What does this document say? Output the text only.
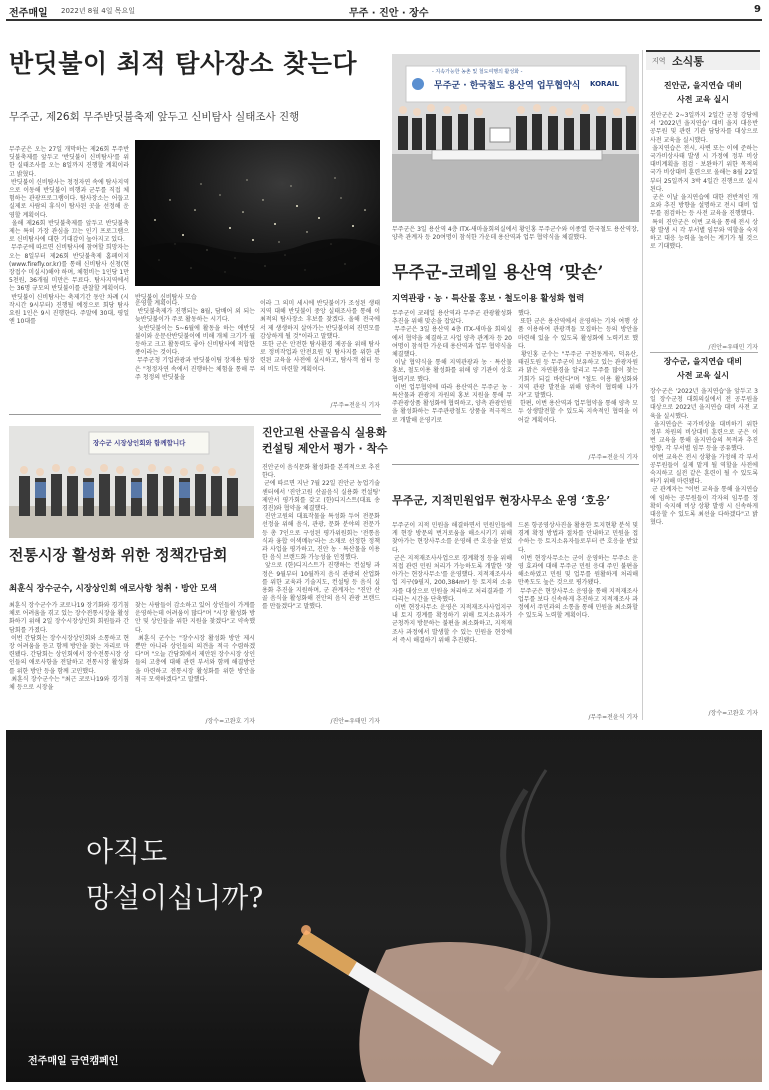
전주매일 2022년 8월 4일 목요일	무주 · 진안 · 장수	9
반딧불이 최적 탐사장소 찾는다
무주군, 제26회 무주반딧불축제 앞두고 신비탐사 실태조사 진행
무주군은 오는 27일 개막하는 제26회 무주반딧불축제를 앞두고 '반딧불이 신비탐사'를 위한 실태조사를 오는 8일까지 진행할 계획이라고 밝혔다.
반딧불이 신비탐사는 청정자연 속에 탐사지역으로 이동해 반딧불이 비행과 군무를 직접 체험하는 관광프로그램이다. 탐사장소는 어둡고 실제로 사람의 휴식이 탐사된 곳을 선정해 운영할 계획이다.
올해 제26회 반딧불축제를 앞두고 반딧불축제는 특히 가장 관심을 끄는 인기 프로그램으로 신비탐사에 대한 기대감이 높아지고 있다.
무주군에 따르면 신비탐사에 참여할 희망자는 오는 8일부터 제26회 반딧불축제 홈페이지(www.firefly.or.kr)를 통해 신비탐사 신청(현장접수 미실시)해야 하며, 체험비는 1인당 1만5천원, 36개월 미만은 무료다. 탐사지역에서는 36명 규모의 반딧불이를 관찰할 계획이다.
반딧불이 신비탐사는 축제기간 동안 차례 (시작시간 9시부터) 진행될 예정으로 회당 탐사요원 1인은 9시 진행한다. 주말에 30대, 평일엔 10대를
반딧불이 신비탐사 모습
운영할 계획이다.
반딧불축제가 진행되는 8월, 담배어 외 되는 늦반딧불이가 주로 활동하는 시기다.
늦반딧불이는 5~6월에 활동을 하는 애반딧불이와 운문산반딧불이에 비해 개체 크기가 월등하고 크고 활동력도 좋아 신비탐사에 적합한 종이라는 것이다.
무주군청 기업관광과 반딧불이팀 장재용 팀장은 "청정자연 속에서 진행하는 체험을 통해 무주 청정의 반딧불을
이라 그 의미 세시에 반딧불이가 조성된 생태지역 대해 반딧불이 중앙 실태조사를 통해 이 최적의 탐사장소 후보를 찾겠다. 올해 전국에서 제 생생하지 살아가는 반딧불이의 진면모를 감상하게 될 것"이라고 말했다.
또한 군은 안전한 탐사환경 제공을 위해 탐사로 정비작업과 안전요원 및 탐사지를 위한 관련된 교육을 사전에 실시하고, 탐사객 쉼터 등의 비도 마련할 계획이다.
/무주=전윤식 기자
- 지속가능한 농촌 및 철도여행의 활성화 -
무주군 · 한국철도 용산역 업무협약식 KORAIL
무주군은 3일 용산역 4층 ITX-새마을회의실에서 황인홍 무주군수와 이종열 한국철도 용산역장, 양측 관계자 등 20여명이 참석한 가운데 용산역과 업무 협약식을 체결했다.
무주군-코레일 용산역 ‘맞손’
지역관광 · 농 · 특산물 홍보 · 철도이용 활성화 협력
무주군이 코레일 용산역과 무주군 관광활성화 추진을 위해 맞손을 잡았다.
무주군은 3일 용산역 4층 ITX-새마을 회의실에서 협약을 체결하고 사업 양측 관계자 등 20여명이 참석한 가운데 용산역과 업무 협약식을 체결했다.
이날 협약식을 통해 지역관광과 농 · 특산물 홍보, 철도이용 활성화를 위해 양 기관이 상호 협력키로 했다.
이번 업무협약에 따라 용산역은 무주군 농 · 특산물과 관광지 자원의 홍보 지원을 통해 무주관광상품 활성화에 협력하고, 양측 관광인원을 활성화하는 무주관광철도 상품을 적극적으로 개발해 운영키로
했다.
또한 군은 용산역에서 운영하는 기차 여행 상품 이용하여 관광객들 모집하는 등의 방안을 마련해 있을 수 있도록 활성화에 노력키로 했다.
황인홍 군수는 "무주군 구천동계곡, 덕유산, 태권도원 등 무주군이 보유하고 있는 관광자원과 맑은 자연환경을 알리고 무주를 많이 찾는 기회가 되길 바란다"며 "철도 이용 활성화와 지역 관광 발전을 위해 양측이 협력해 나가자"고 말했다.
한편, 이번 용산역과 업무협약을 통해 양측 모두 상생발전할 수 있도록 지속적인 협력을 이어갈 계획이다.
/무주=전윤식 기자
장수군 시장상인회와 함께합니다
전통시장 활성화 위한 정책간담회
최훈식 장수군수, 시장상인회 애로사항 청취 · 방안 모색
최훈식 장수군수가 코로나19 장기화와 경기침체로 어려움을 겪고 있는 장수전통시장을 활성화하기 위해 2일 장수시장상인회 회원들과 간담회를 가졌다.
이번 간담회는 장수시장상인회와 소통하고 현장 어려움을 듣고 함께 방안을 찾는 자리로 마련됐다. 간담회는 상인회에서 장수전통시장 상인들의 애로사항을 전달하고 전통시장 활성화를 위한 방안 등을 함께 고민했다.
최훈식 장수군수는 "최근 코로나19와 경기침체 등으로 시장을
찾는 사람들이 감소하고 있어 상인들이 가계를 운영하는데 어려움이 많다"며 "시장 활성화 방안 및 상인들을 위한 지원을 찾겠다"고 약속했다.
최훈식 군수는 "장수시장 활성화 방안 제시 뿐만 아니라 상인들의 의견을 적극 수렴하겠다"며 "오늘 간담회에서 제안된 장수시장 상인들의 고충에 대해 관련 부서와 함께 해결방안을 마련하고 전통시장 활성화를 위한 방안을 적극 모색하겠다"고 말했다.
/장수=고완호 기자
진안고원 산골음식 실용화
컨설팅 제안서 평가 · 착수
진안군이 음식문화 활성화를 본격적으로 추진한다.
군에 따르면 지난 7월 22일 진안군 농업기술센터에서 '진안고원 산골음식 실용화 컨설팅' 제안서 평가회를 갖고 (한)디지스트(대표 송경진)와 협약을 체결했다.
진안고원의 대표작물을 특성화 두어 전문화 선정을 위해 음식, 관광, 문화 분야의 전문가 등 총 7인으로 구성된 평가위원회는 '전통음식과 융합 이색메뉴'라는 소재로 선정한 정책과 사업을 평가하고, 진안 농 · 특산물을 이용한 음식 브랜드화 가능성을 인정했다.
앞으로 (한)디지스트가 진행하는 컨설팅 과정은 9월부터 10월까지 음식 관광의 산업화를 위한 교육과 기술지도, 컨설팅 등 음식 실용화 추진을 지원하며, 군 관계자는 "진안 산골 음식을 활성화해 진안의 음식 관광 브랜드를 만들겠다"고 말했다.
/진안=우태민 기자
무주군, 지적민원업무 현장사무소 운영 ‘호응’
무주군이 지적 민원을 해결하면서 민원인들에게 현장 방문의 번거로움을 해소시키기 위해 찾아가는 현장사무소를 운영해 큰 호응을 얻었다.
군은 지적재조사사업으로 경계확정 등을 위해 직접 관련 민원 처리가 가능하도록 개발한 '찾아가는 현장사무소'를 운영했다. 지적재조사사업 지구(9필지, 200,384m²) 등 토지의 소유자를 대상으로 민원을 처리하고 처리결과를 기다리는 시간을 단축했다.
이번 현장사무소 운영은 지적재조사사업지구 내 토지 경계를 확정하기 위해 토지소유자가 군청까지 방문하는 불편을 최소화하고, 지적재조사 과정에서 발생할 수 있는 민원을 현장에서 즉시 해결하기 위해 추진됐다.
드론 항공영상사진을 활용한 토지현황 분석 및 경계 확정 방법과 절차를 안내하고 민원을 접수하는 등 토지소유자들로부터 큰 호응을 받았다.
이번 현장사무소는 군이 운영하는 무주소 운영 효과에 대해 무주군 민원 응대 주민 불편을 해소하였고 민원 및 업무를 원활하게 처리해 만족도도 높은 것으로 평가됐다.
무주군은 현장사무소 운영을 통해 지적재조사업무를 보다 신속하게 추진하고 지적재조사 과정에서 주민과의 소통을 통해 민원을 최소화할 수 있도록 노력할 계획이다.
/무주=전윤식 기자
지역 소식통
진안군, 을지연습 대비
사전 교육 실시
진안군은 2~3일까지 2일간 군청 강당에서 '2022년 을지연습' 대비 을지 대응반 공무원 및 관련 기관 담당자를 대상으로 사전 교육을 실시했다.
을지연습은 전시, 사변 또는 이에 준하는 국가비상사태 발생 시 가정에 정부 비상대비계획을 점검 · 보완하기 위한 목적의 국가 비상대비 훈련으로 올해는 8월 22일부터 25일까지 3박 4일간 진행으로 실시된다.
군은 이날 을지연습에 대한 전반적인 개요와 추진 방향을 설명하고 전시 대비 업무를 점검하는 등 사전 교육을 진행했다.
특히 진안군은 이번 교육을 통해 전시 상황 발생 시 각 부서별 임무와 역할을 숙지하고 대응 능력을 높이는 계기가 될 것으로 기대했다.
/진안=우태민 기자
장수군, 을지연습 대비
사전 교육 실시
장수군은 '2022년 을지연습'을 앞두고 3일 장수군청 대회의실에서 전 공무원을 대상으로 2022년 을지연습 대비 사전 교육을 실시했다.
을지연습은 국가비상을 대비하기 위한 정부 차원의 비상대비 훈련으로 군은 이번 교육을 통해 을지연습의 목적과 추진방향, 각 부서별 임무 등을 공유했다.
이번 교육은 전시 상황을 가정해 각 부서 공무원들이 실제 맡게 될 역할을 사전에 숙지하고 실전 같은 훈련이 될 수 있도록 하기 위해 마련됐다.
군 관계자는 "이번 교육을 통해 을지연습에 임하는 공무원들이 각자의 임무를 정확히 숙지해 비상 상황 발생 시 신속하게 대응할 수 있도록 최선을 다하겠다"고 밝혔다.
/장수=고완호 기자
아직도
망설이십니까?
전주매일 금연캠페인
